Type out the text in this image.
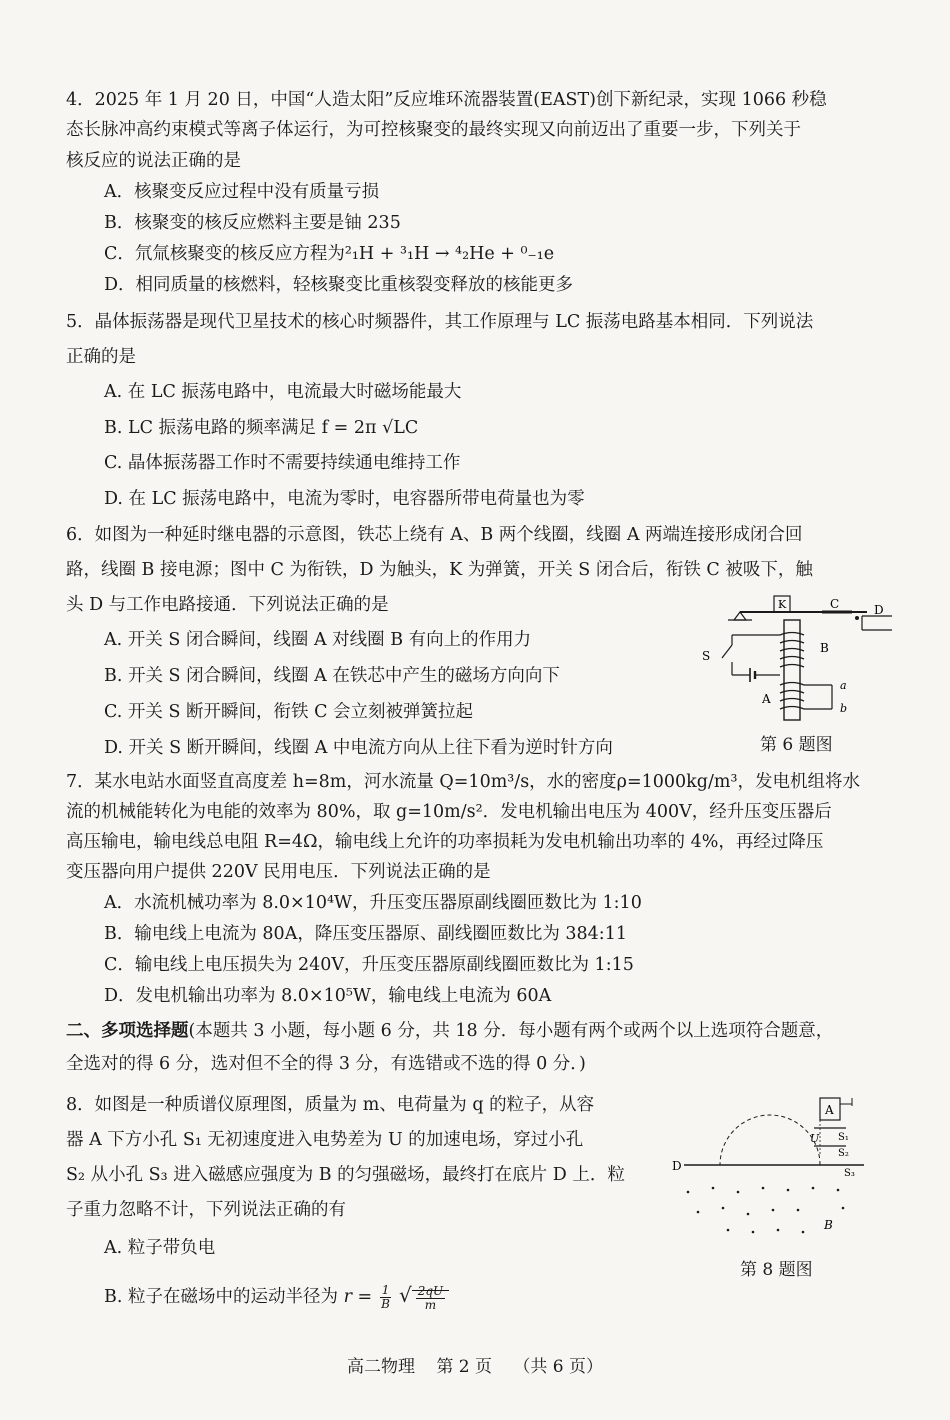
4．2025 年 1 月 20 日，中国“人造太阳”反应堆环流器装置(EAST)创下新纪录，实现 1066 秒稳
态长脉冲高约束模式等离子体运行，为可控核聚变的最终实现又向前迈出了重要一步，下列关于
核反应的说法正确的是
A．核聚变反应过程中没有质量亏损
B．核聚变的核反应燃料主要是铀 235
C．氘氚核聚变的核反应方程为²₁H + ³₁H → ⁴₂He + ⁰₋₁e
D．相同质量的核燃料，轻核聚变比重核裂变释放的核能更多
5．晶体振荡器是现代卫星技术的核心时频器件，其工作原理与 LC 振荡电路基本相同．下列说法
正确的是
A. 在 LC 振荡电路中，电流最大时磁场能最大
B. LC 振荡电路的频率满足 f = 2π √LC
C. 晶体振荡器工作时不需要持续通电维持工作
D. 在 LC 振荡电路中，电流为零时，电容器所带电荷量也为零
6．如图为一种延时继电器的示意图，铁芯上绕有 A、B 两个线圈，线圈 A 两端连接形成闭合回
路，线圈 B 接电源；图中 C 为衔铁，D 为触头，K 为弹簧，开关 S 闭合后，衔铁 C 被吸下，触
头 D 与工作电路接通．下列说法正确的是
A. 开关 S 闭合瞬间，线圈 A 对线圈 B 有向上的作用力
B. 开关 S 闭合瞬间，线圈 A 在铁芯中产生的磁场方向向下
C. 开关 S 断开瞬间，衔铁 C 会立刻被弹簧拉起
D. 开关 S 断开瞬间，线圈 A 中电流方向从上往下看为逆时针方向
K	C	D
B
A
S
a
b
第 6 题图
7．某水电站水面竖直高度差 h=8m，河水流量 Q=10m³/s，水的密度ρ=1000kg/m³，发电机组将水
流的机械能转化为电能的效率为 80%，取 g=10m/s²．发电机输出电压为 400V，经升压变压器后
高压输电，输电线总电阻 R=4Ω，输电线上允许的功率损耗为发电机输出功率的 4%，再经过降压
变压器向用户提供 220V 民用电压．下列说法正确的是
A．水流机械功率为 8.0×10⁴W，升压变压器原副线圈匝数比为 1:10
B．输电线上电流为 80A，降压变压器原、副线圈匝数比为 384:11
C．输电线上电压损失为 240V，升压变压器原副线圈匝数比为 1:15
D．发电机输出功率为 8.0×10⁵W，输电线上电流为 60A
二、多项选择题(本题共 3 小题，每小题 6 分，共 18 分．每小题有两个或两个以上选项符合题意，
全选对的得 6 分，选对但不全的得 3 分，有选错或不选的得 0 分．)
8．如图是一种质谱仪原理图，质量为 m、电荷量为 q 的粒子，从容
器 A 下方小孔 S₁ 无初速度进入电势差为 U 的加速电场，穿过小孔
S₂ 从小孔 S₃ 进入磁感应强度为 B 的匀强磁场，最终打在底片 D 上．粒
子重力忽略不计，下列说法正确的有
A. 粒子带负电
B. 粒子在磁场中的运动半径为 $r = \frac{1}{B}$ √ $\frac{2qU}{m}$
A
S₁
S₂
U
D
S₃
B
第 8 题图
高二物理 第 2 页 （共 6 页）
